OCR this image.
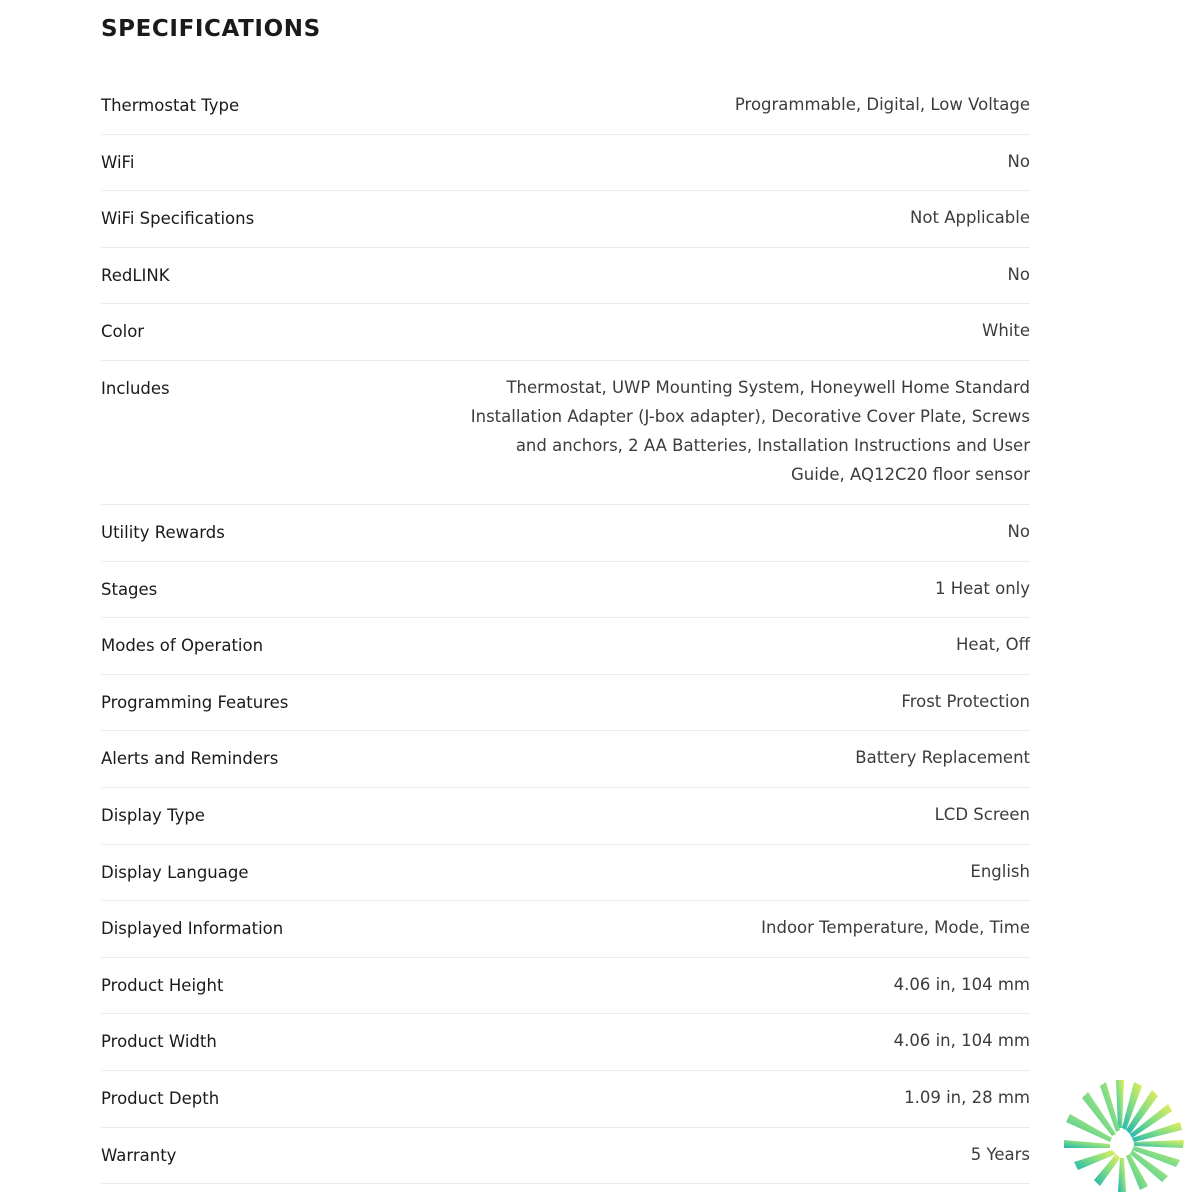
SPECIFICATIONS
Thermostat Type	Programmable, Digital, Low Voltage
WiFi	No
WiFi Specifications	Not Applicable
RedLINK	No
Color	White
Includes	Thermostat, UWP Mounting System, Honeywell Home Standard Installation Adapter (J-box adapter), Decorative Cover Plate, Screws and anchors, 2 AA Batteries, Installation Instructions and User Guide, AQ12C20 floor sensor
Utility Rewards	No
Stages	1 Heat only
Modes of Operation	Heat, Off
Programming Features	Frost Protection
Alerts and Reminders	Battery Replacement
Display Type	LCD Screen
Display Language	English
Displayed Information	Indoor Temperature, Mode, Time
Product Height	4.06 in, 104 mm
Product Width	4.06 in, 104 mm
Product Depth	1.09 in, 28 mm
Warranty	5 Years
